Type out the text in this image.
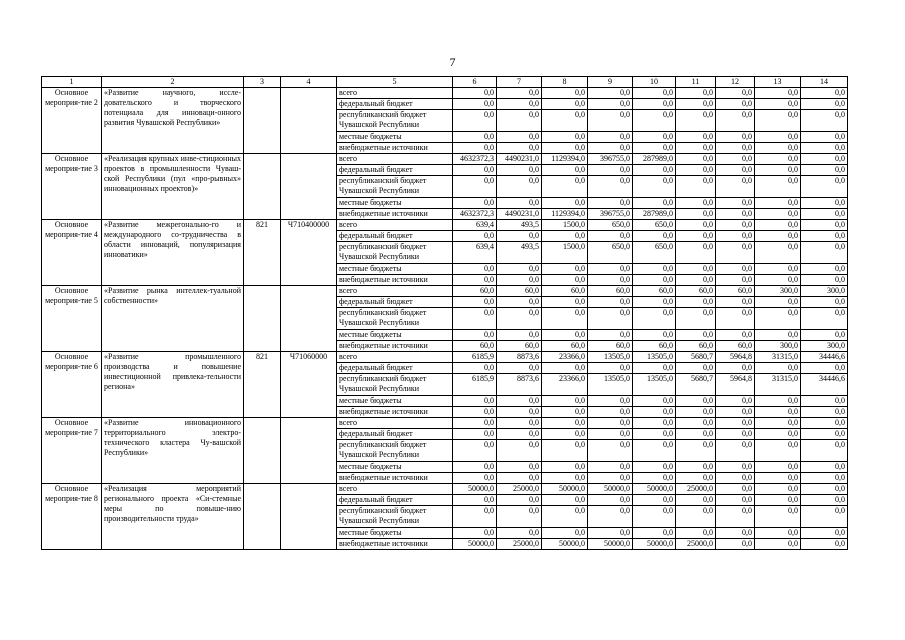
7
1	2	3	4	5	6	7	8	9	10	11	12	13	14
Основное мероприя-тие 2	«Развитие научного, иссле-довательского и творческого потенциала для инноваци-онного развития Чувашской Республики»			всего	0,0	0,0	0,0	0,0	0,0	0,0	0,0	0,0	0,0
				федеральный бюджет	0,0	0,0	0,0	0,0	0,0	0,0	0,0	0,0	0,0
				республиканский бюджет Чувашской Республики	0,0	0,0	0,0	0,0	0,0	0,0	0,0	0,0	0,0
				местные бюджеты	0,0	0,0	0,0	0,0	0,0	0,0	0,0	0,0	0,0
				внебюджетные источники	0,0	0,0	0,0	0,0	0,0	0,0	0,0	0,0	0,0
Основное мероприя-тие 3	«Реализация крупных инве-стиционных проектов в промышленности Чуваш-ской Республики (пул «про-рывных» инновационных проектов)»			всего	4632372,3	4490231,0	1129394,0	396755,0	287989,0	0,0	0,0	0,0	0,0
				федеральный бюджет	0,0	0,0	0,0	0,0	0,0	0,0	0,0	0,0	0,0
				республиканский бюджет Чувашской Республики	0,0	0,0	0,0	0,0	0,0	0,0	0,0	0,0	0,0
				местные бюджеты	0,0	0,0	0,0	0,0	0,0	0,0	0,0	0,0	0,0
				внебюджетные источники	4632372,3	4490231,0	1129394,0	396755,0	287989,0	0,0	0,0	0,0	0,0
Основное мероприя-тие 4	«Развитие межрегонально-го и международного со-трудничества в области инноваций, популяризация инноватики»	821	Ч710400000	всего	639,4	493,5	1500,0	650,0	650,0	0,0	0,0	0,0	0,0
				федеральный бюджет	0,0	0,0	0,0	0,0	0,0	0,0	0,0	0,0	0,0
				республиканский бюджет Чувашской Республики	639,4	493,5	1500,0	650,0	650,0	0,0	0,0	0,0	0,0
				местные бюджеты	0,0	0,0	0,0	0,0	0,0	0,0	0,0	0,0	0,0
				внебюджетные источники	0,0	0,0	0,0	0,0	0,0	0,0	0,0	0,0	0,0
Основное мероприя-тие 5	«Развитие рынка интеллек-туальной собственности»			всего	60,0	60,0	60,0	60,0	60,0	60,0	60,0	300,0	300,0
				федеральный бюджет	0,0	0,0	0,0	0,0	0,0	0,0	0,0	0,0	0,0
				республиканский бюджет Чувашской Республики	0,0	0,0	0,0	0,0	0,0	0,0	0,0	0,0	0,0
				местные бюджеты	0,0	0,0	0,0	0,0	0,0	0,0	0,0	0,0	0,0
				внебюджетные источники	60,0	60,0	60,0	60,0	60,0	60,0	60,0	300,0	300,0
Основное мероприя-тие 6	«Развитие промышленного производства и повышение инвестиционной привлека-тельности региона»	821	Ч71060000	всего	6185,9	8873,6	23366,0	13505,0	13505,0	5680,7	5964,8	31315,0	34446,6
				федеральный бюджет	0,0	0,0	0,0	0,0	0,0	0,0	0,0	0,0	0,0
				республиканский бюджет Чувашской Республики	6185,9	8873,6	23366,0	13505,0	13505,0	5680,7	5964,8	31315,0	34446,6
				местные бюджеты	0,0	0,0	0,0	0,0	0,0	0,0	0,0	0,0	0,0
				внебюджетные источники	0,0	0,0	0,0	0,0	0,0	0,0	0,0	0,0	0,0
Основное мероприя-тие 7	«Развитие инновационного территориального электро-технического кластера Чу-вашской Республики»			всего	0,0	0,0	0,0	0,0	0,0	0,0	0,0	0,0	0,0
				федеральный бюджет	0,0	0,0	0,0	0,0	0,0	0,0	0,0	0,0	0,0
				республиканский бюджет Чувашской Республики	0,0	0,0	0,0	0,0	0,0	0,0	0,0	0,0	0,0
				местные бюджеты	0,0	0,0	0,0	0,0	0,0	0,0	0,0	0,0	0,0
				внебюджетные источники	0,0	0,0	0,0	0,0	0,0	0,0	0,0	0,0	0,0
Основное мероприя-тие 8	«Реализация мероприятий регионального проекта «Си-стемные меры по повыше-нию производительности труда»			всего	50000,0	25000,0	50000,0	50000,0	50000,0	25000,0	0,0	0,0	0,0
				федеральный бюджет	0,0	0,0	0,0	0,0	0,0	0,0	0,0	0,0	0,0
				республиканский бюджет Чувашской Республики	0,0	0,0	0,0	0,0	0,0	0,0	0,0	0,0	0,0
				местные бюджеты	0,0	0,0	0,0	0,0	0,0	0,0	0,0	0,0	0,0
				внебюджетные источники	50000,0	25000,0	50000,0	50000,0	50000,0	25000,0	0,0	0,0	0,0
